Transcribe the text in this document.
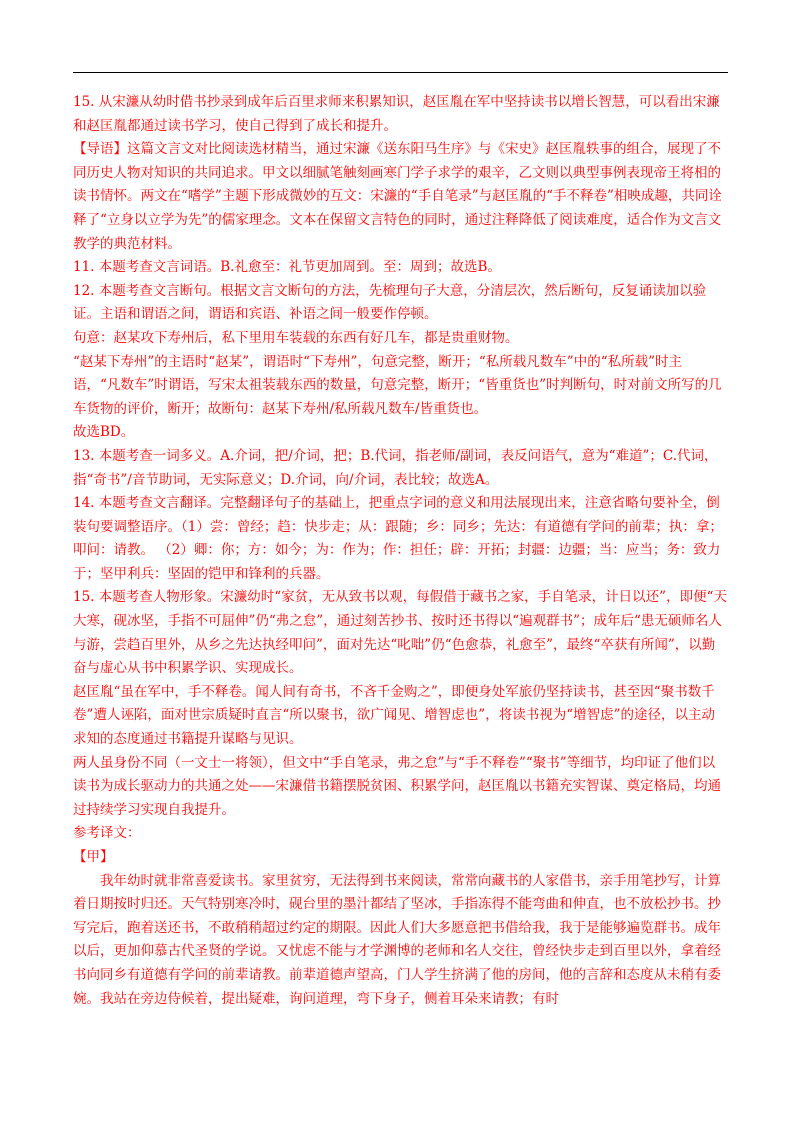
15. 从宋濂从幼时借书抄录到成年后百里求师来积累知识，赵匡胤在军中坚持读书以增长智慧，可以看出宋濂和赵匡胤都通过读书学习，使自己得到了成长和提升。

【导语】这篇文言文对比阅读选材精当，通过宋濂《送东阳马生序》与《宋史》赵匡胤轶事的组合，展现了不同历史人物对知识的共同追求。甲文以细腻笔触刻画寒门学子求学的艰辛，乙文则以典型事例表现帝王将相的读书情怀。两文在“嗜学”主题下形成微妙的互文：宋濂的“手自笔录”与赵匡胤的“手不释卷”相映成趣，共同诠释了“立身以立学为先”的儒家理念。文本在保留文言特色的同时，通过注释降低了阅读难度，适合作为文言文教学的典范材料。

11. 本题考查文言词语。B.礼愈至：礼节更加周到。至：周到；故选B。

12. 本题考查文言断句。根据文言文断句的方法，先梳理句子大意，分清层次，然后断句，反复诵读加以验证。主语和谓语之间，谓语和宾语、补语之间一般要作停顿。

句意：赵某攻下寿州后，私下里用车装载的东西有好几车，都是贵重财物。

“赵某下寿州”的主语时“赵某”，谓语时“下寿州”，句意完整，断开；“私所载凡数车”中的“私所载”时主语，“凡数车”时谓语，写宋太祖装载东西的数量，句意完整，断开；“皆重货也”时判断句，时对前文所写的几车货物的评价，断开；故断句：赵某下寿州/私所载凡数车/皆重货也。

故选BD。

13. 本题考查一词多义。A.介词，把/介词，把；B.代词，指老师/副词，表反问语气，意为“难道”；C.代词，指“奇书”/音节助词，无实际意义；D.介词，向/介词，表比较；故选A。

14. 本题考查文言翻译。完整翻译句子的基础上，把重点字词的意义和用法展现出来，注意省略句要补全，倒装句要调整语序。（1）尝：曾经；趋：快步走；从：跟随；乡：同乡；先达：有道德有学问的前辈；执：拿；叩问：请教。 （2）卿：你；方：如今；为：作为；作：担任；辟：开拓；封疆：边疆；当：应当；务：致力于；坚甲利兵：坚固的铠甲和锋利的兵器。

15. 本题考查人物形象。宋濂幼时“家贫，无从致书以观，每假借于藏书之家，手自笔录，计日以还”，即便“天大寒，砚冰坚，手指不可屈伸”仍“弗之怠”，通过刻苦抄书、按时还书得以“遍观群书”；成年后“患无硕师名人与游，尝趋百里外，从乡之先达执经叩问”，面对先达“叱咄”仍“色愈恭，礼愈至”，最终“卒获有所闻”，以勤奋与虚心从书中积累学识、实现成长。

赵匡胤“虽在军中，手不释卷。闻人间有奇书，不吝千金购之”，即便身处军旅仍坚持读书，甚至因“聚书数千卷”遭人诬陷，面对世宗质疑时直言“所以聚书，欲广闻见、增智虑也”，将读书视为“增智虑”的途径，以主动求知的态度通过书籍提升谋略与见识。

两人虽身份不同（一文士一将领），但文中“手自笔录，弗之怠”与“手不释卷”“聚书”等细节，均印证了他们以读书为成长驱动力的共通之处——宋濂借书籍摆脱贫困、积累学问，赵匡胤以书籍充实智谋、奠定格局，均通过持续学习实现自我提升。

参考译文：

【甲】

我年幼时就非常喜爱读书。家里贫穷，无法得到书来阅读，常常向藏书的人家借书，亲手用笔抄写，计算着日期按时归还。天气特别寒冷时，砚台里的墨汁都结了坚冰，手指冻得不能弯曲和伸直，也不放松抄书。抄写完后，跑着送还书，不敢稍稍超过约定的期限。因此人们大多愿意把书借给我，我于是能够遍览群书。成年以后，更加仰慕古代圣贤的学说。又忧虑不能与才学渊博的老师和名人交往，曾经快步走到百里以外，拿着经书向同乡有道德有学问的前辈请教。前辈道德声望高，门人学生挤满了他的房间，他的言辞和态度从未稍有委婉。我站在旁边侍候着，提出疑难，询问道理，弯下身子，侧着耳朵来请教；有时
